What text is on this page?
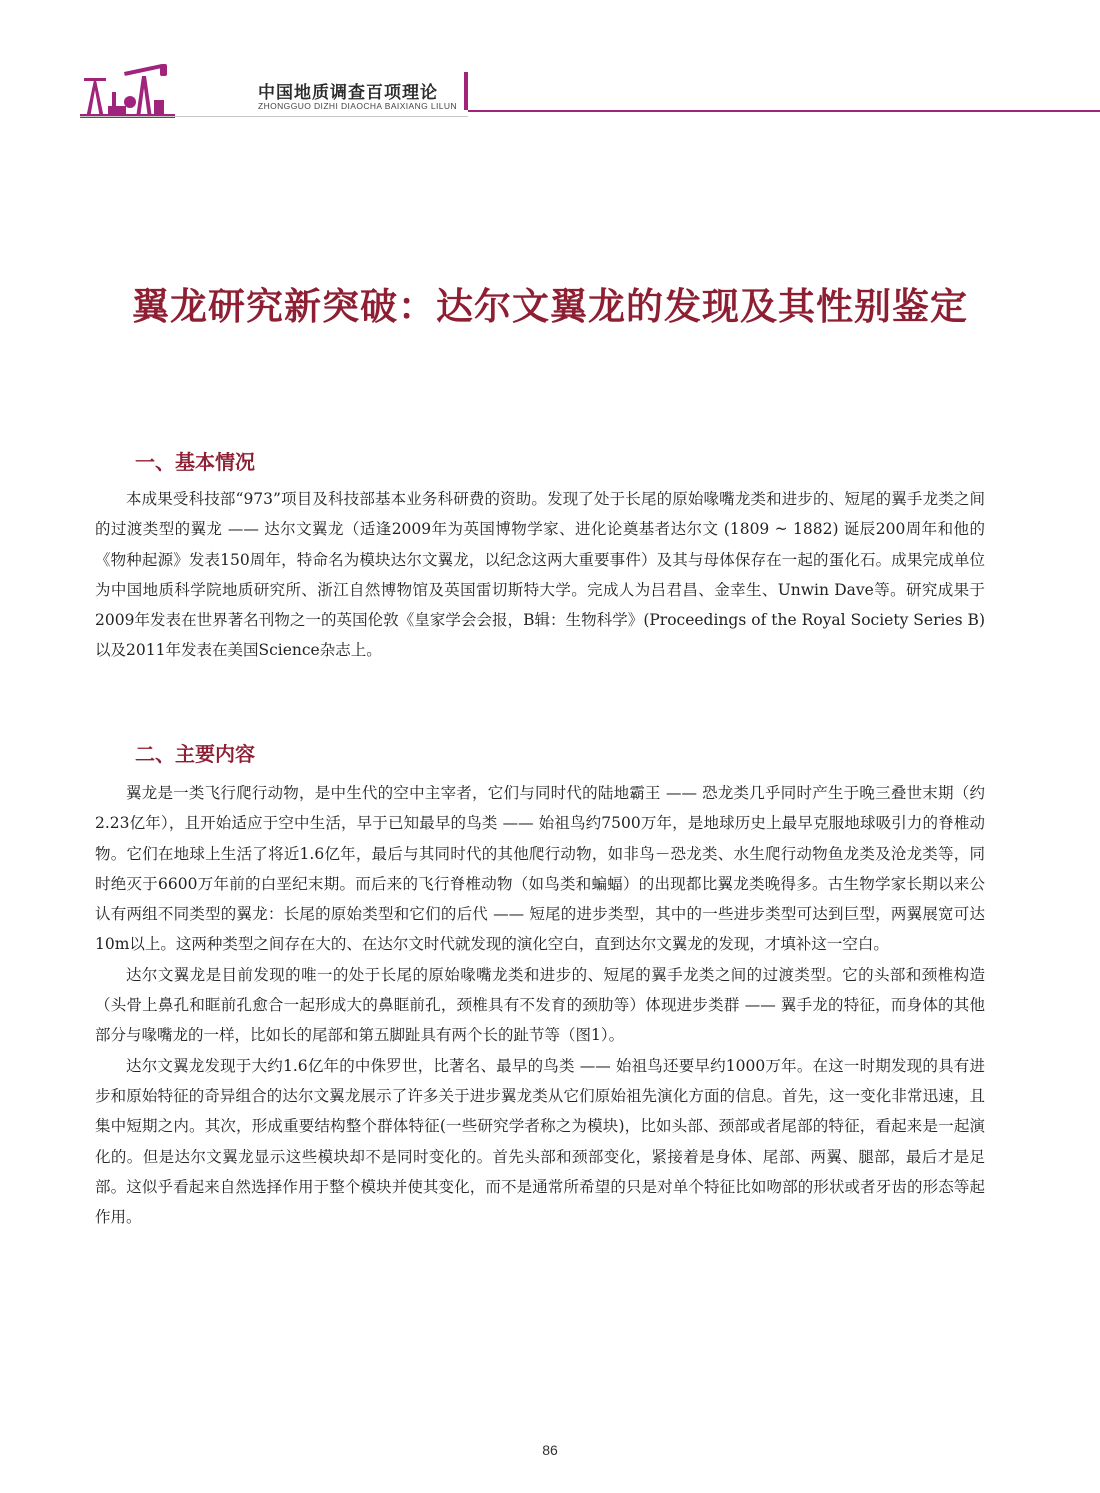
中国地质调查百项理论
ZHONGGUO DIZHI DIAOCHA BAIXIANG LILUN
翼龙研究新突破：达尔文翼龙的发现及其性别鉴定
一、基本情况

本成果受科技部“973”项目及科技部基本业务科研费的资助。发现了处于长尾的原始喙嘴龙类和进步的、短尾的翼手龙类之间的过渡类型的翼龙 —— 达尔文翼龙（适逢2009年为英国博物学家、进化论奠基者达尔文 (1809 ~ 1882) 诞辰200周年和他的《物种起源》发表150周年，特命名为模块达尔文翼龙，以纪念这两大重要事件）及其与母体保存在一起的蛋化石。成果完成单位为中国地质科学院地质研究所、浙江自然博物馆及英国雷切斯特大学。完成人为吕君昌、金幸生、Unwin Dave等。研究成果于2009年发表在世界著名刊物之一的英国伦敦《皇家学会会报，B辑：生物科学》(Proceedings of the Royal Society Series B) 以及2011年发表在美国Science杂志上。

二、主要内容

翼龙是一类飞行爬行动物，是中生代的空中主宰者，它们与同时代的陆地霸王 —— 恐龙类几乎同时产生于晚三叠世末期（约2.23亿年），且开始适应于空中生活，早于已知最早的鸟类 —— 始祖鸟约7500万年，是地球历史上最早克服地球吸引力的脊椎动物。它们在地球上生活了将近1.6亿年，最后与其同时代的其他爬行动物，如非鸟－恐龙类、水生爬行动物鱼龙类及沧龙类等，同时绝灭于6600万年前的白垩纪末期。而后来的飞行脊椎动物（如鸟类和蝙蝠）的出现都比翼龙类晚得多。古生物学家长期以来公认有两组不同类型的翼龙：长尾的原始类型和它们的后代 —— 短尾的进步类型，其中的一些进步类型可达到巨型，两翼展宽可达10m以上。这两种类型之间存在大的、在达尔文时代就发现的演化空白，直到达尔文翼龙的发现，才填补这一空白。

达尔文翼龙是目前发现的唯一的处于长尾的原始喙嘴龙类和进步的、短尾的翼手龙类之间的过渡类型。它的头部和颈椎构造（头骨上鼻孔和眶前孔愈合一起形成大的鼻眶前孔，颈椎具有不发育的颈肋等）体现进步类群 —— 翼手龙的特征，而身体的其他部分与喙嘴龙的一样，比如长的尾部和第五脚趾具有两个长的趾节等（图1）。

达尔文翼龙发现于大约1.6亿年的中侏罗世，比著名、最早的鸟类 —— 始祖鸟还要早约1000万年。在这一时期发现的具有进步和原始特征的奇异组合的达尔文翼龙展示了许多关于进步翼龙类从它们原始祖先演化方面的信息。首先，这一变化非常迅速，且集中短期之内。其次，形成重要结构整个群体特征(一些研究学者称之为模块)，比如头部、颈部或者尾部的特征，看起来是一起演化的。但是达尔文翼龙显示这些模块却不是同时变化的。首先头部和颈部变化，紧接着是身体、尾部、两翼、腿部，最后才是足部。这似乎看起来自然选择作用于整个模块并使其变化，而不是通常所希望的只是对单个特征比如吻部的形状或者牙齿的形态等起作用。

86
